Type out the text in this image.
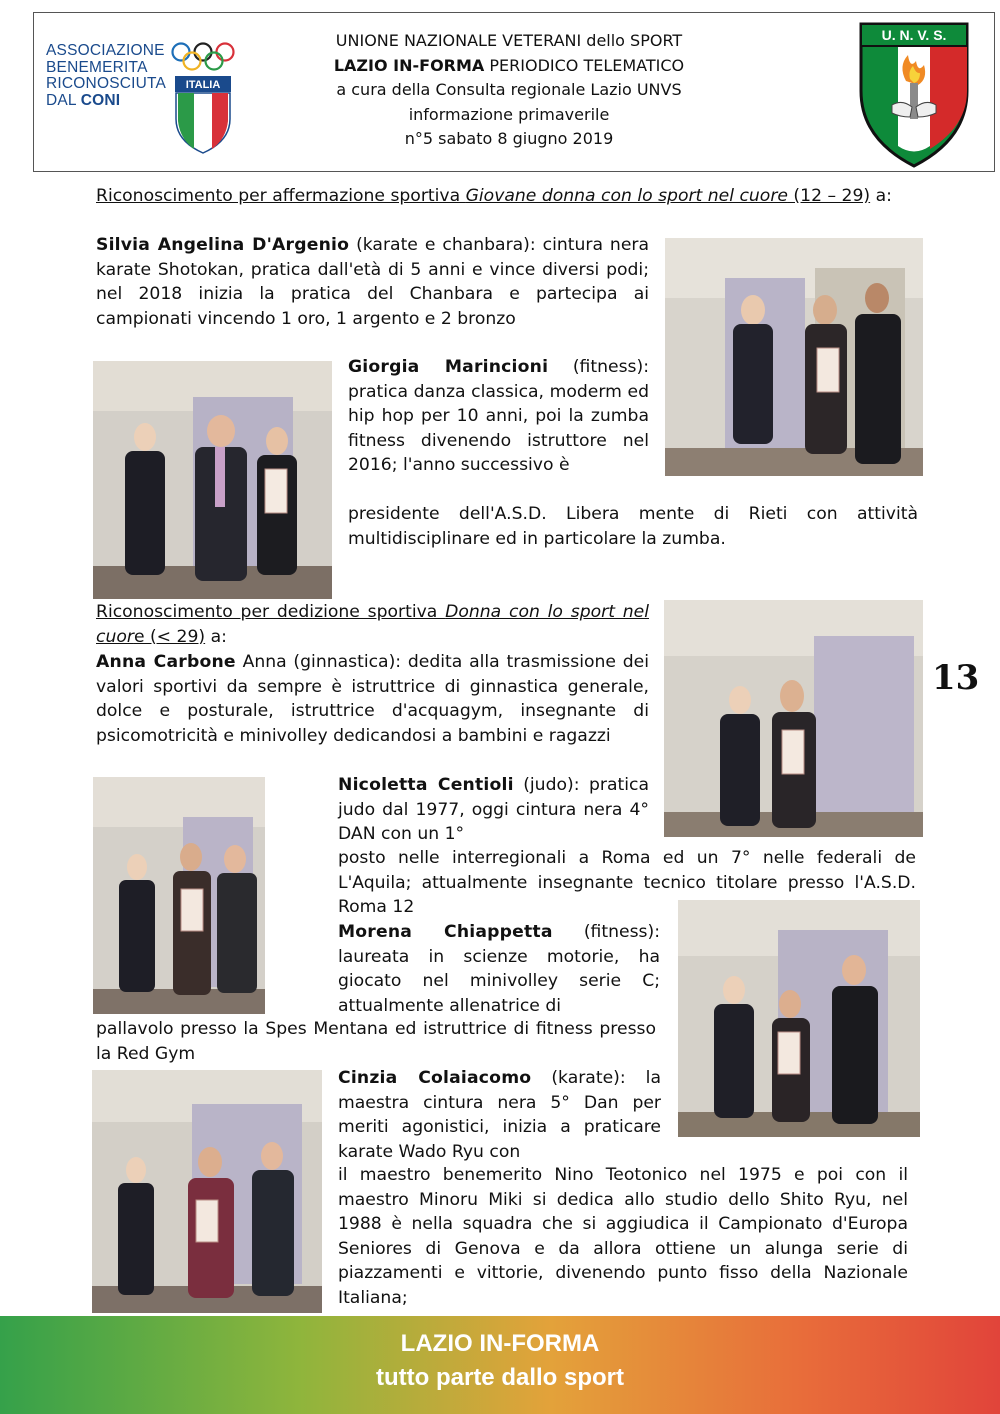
ASSOCIAZIONE
BENEMERITA
RICONOSCIUTA
DAL CONI
ITALIA
UNIONE NAZIONALE VETERANI dello SPORT
LAZIO IN-FORMA PERIODICO TELEMATICO
a cura della Consulta regionale Lazio UNVS
informazione primaverile
n°5 sabato 8 giugno 2019
U. N. V. S.
Riconoscimento per affermazione sportiva Giovane donna con lo sport nel cuore (12 – 29) a:
Silvia Angelina D'Argenio (karate e chanbara): cintura nera karate Shotokan, pratica dall'età di 5 anni e vince diversi podi; nel 2018 inizia la pratica del Chanbara e partecipa ai campionati vincendo 1 oro, 1 argento e 2 bronzo
Giorgia Marincioni (fitness): pratica danza classica, moderm ed hip hop per 10 anni, poi la zumba fitness divenendo istruttore nel 2016; l'anno successivo è
presidente dell'A.S.D. Libera mente di Rieti con attività multidisciplinare ed in particolare la zumba.
Riconoscimento per dedizione sportiva Donna con lo sport nel cuore (< 29) a:
13
Anna Carbone Anna (ginnastica): dedita alla trasmissione dei valori sportivi da sempre è istruttrice di ginnastica generale, dolce e posturale, istruttrice d'acquagym, insegnante di psicomotricità e minivolley dedicandosi a bambini e ragazzi
Nicoletta Centioli (judo): pratica judo dal 1977, oggi cintura nera 4° DAN con un 1°
posto nelle interregionali a Roma ed un 7° nelle federali de L'Aquila; attualmente insegnante tecnico titolare presso l'A.S.D. Roma 12
Morena Chiappetta (fitness): laureata in scienze motorie, ha giocato nel minivolley serie C; attualmente allenatrice di
pallavolo presso la Spes Mentana ed istruttrice di fitness presso la Red Gym
Cinzia Colaiacomo (karate): la maestra cintura nera 5° Dan per meriti agonistici, inizia a praticare karate Wado Ryu con
il maestro benemerito Nino Teotonico nel 1975 e poi con il maestro Minoru Miki si dedica allo studio dello Shito Ryu, nel 1988 è nella squadra che si aggiudica il Campionato d'Europa Seniores di Genova e da allora ottiene un alunga serie di piazzamenti e vittorie, divenendo punto fisso della Nazionale Italiana;
LAZIO IN-FORMA
tutto parte dallo sport
